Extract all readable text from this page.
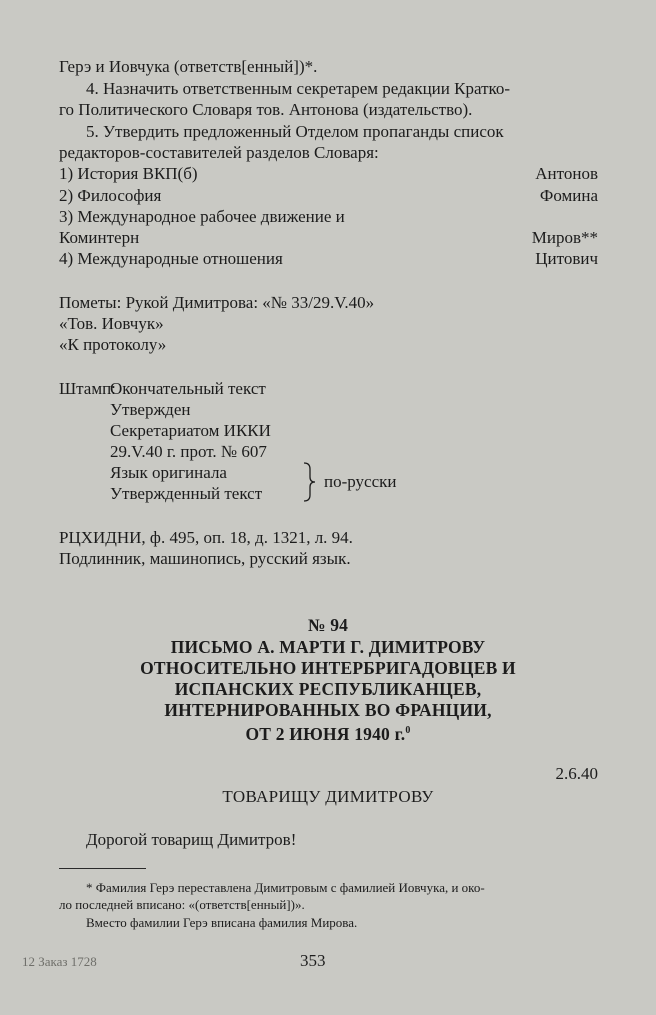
Герэ и Иовчука (ответств[енный])*.
4. Назначить ответственным секретарем редакции Кратко-
го Политического Словаря тов. Антонова (издательство).
5. Утвердить предложенный Отделом пропаганды список
редакторов-составителей разделов Словаря:
1) История ВКП(б)	Антонов
2) Философия	Фомина
3) Международное рабочее движение и
Коминтерн	Миров**
4) Международные отношения	Цитович
Пометы: Рукой Димитрова: «№ 33/29.V.40»
«Тов. Иовчук»
«К протоколу»
Штамп:
Окончательный текст
Утвержден
Секретариатом ИККИ
29.V.40 г. прот. № 607
Язык оригинала
Утвержденный текст
по-русски
РЦХИДНИ, ф. 495, оп. 18, д. 1321, л. 94.
Подлинник, машинопись, русский язык.
№ 94
ПИСЬМО А. МАРТИ Г. ДИМИТРОВУ
ОТНОСИТЕЛЬНО ИНТЕРБРИГАДОВЦЕВ И
ИСПАНСКИХ РЕСПУБЛИКАНЦЕВ,
ИНТЕРНИРОВАННЫХ ВО ФРАНЦИИ,
ОТ 2 ИЮНЯ 1940 г.$^0$
2.6.40
ТОВАРИЩУ ДИМИТРОВУ
Дорогой товарищ Димитров!
* Фамилия Герэ переставлена Димитровым с фамилией Иовчука, и око-
ло последней вписано: «(ответств[енный])».
Вместо фамилии Герэ вписана фамилия Мирова.
12 Заказ 1728	353
